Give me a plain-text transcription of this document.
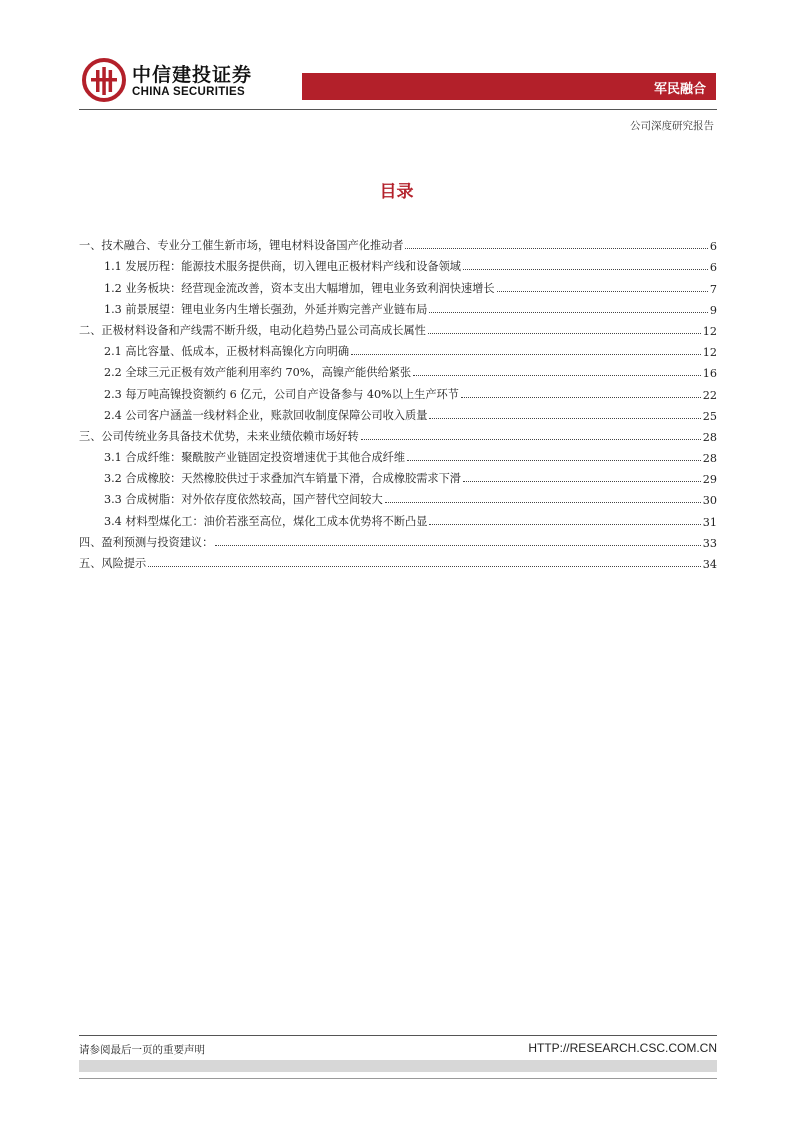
中信建投证券
CHINA SECURITIES	军民融合
公司深度研究报告
目录
一、技术融合、专业分工催生新市场，锂电材料设备国产化推动者	6
1.1 发展历程：能源技术服务提供商，切入锂电正极材料产线和设备领域	6
1.2 业务板块：经营现金流改善，资本支出大幅增加，锂电业务致利润快速增长	7
1.3 前景展望：锂电业务内生增长强劲，外延并购完善产业链布局	9
二、正极材料设备和产线需不断升级，电动化趋势凸显公司高成长属性	12
2.1 高比容量、低成本，正极材料高镍化方向明确	12
2.2 全球三元正极有效产能利用率约 70%，高镍产能供给紧张	16
2.3 每万吨高镍投资额约 6 亿元，公司自产设备参与 40%以上生产环节	22
2.4 公司客户涵盖一线材料企业，账款回收制度保障公司收入质量	25
三、公司传统业务具备技术优势，未来业绩依赖市场好转	28
3.1 合成纤维：聚酰胺产业链固定投资增速优于其他合成纤维	28
3.2 合成橡胶：天然橡胶供过于求叠加汽车销量下滑，合成橡胶需求下滑	29
3.3 合成树脂：对外依存度依然较高，国产替代空间较大	30
3.4 材料型煤化工：油价若涨至高位，煤化工成本优势将不断凸显	31
四、盈利预测与投资建议：	33
五、风险提示	34
请参阅最后一页的重要声明	HTTP://RESEARCH.CSC.COM.CN
